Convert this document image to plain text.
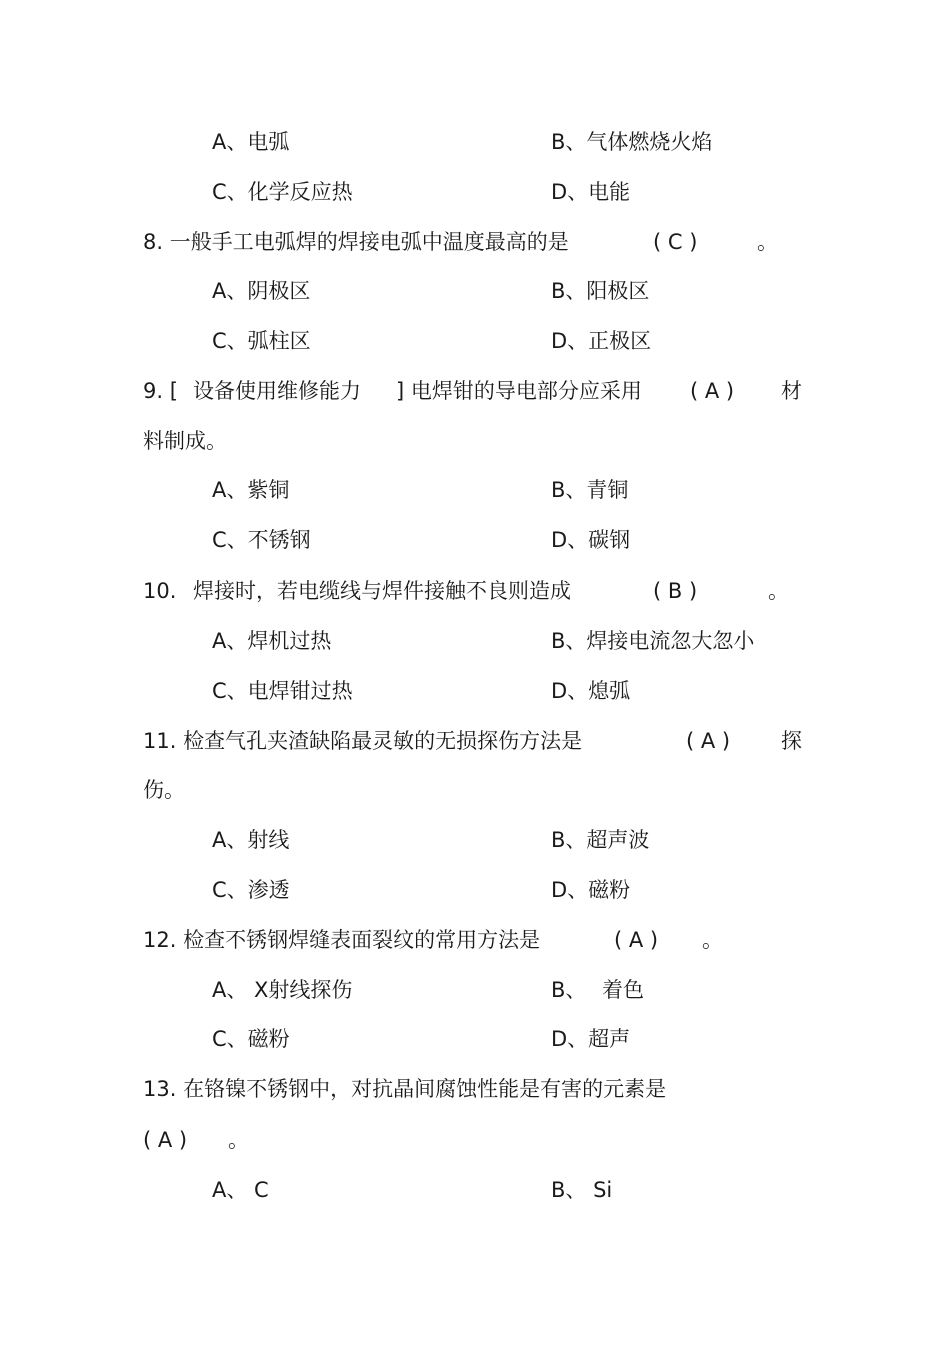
A、电弧	B、气体燃烧火焰
C、化学反应热	D、电能
8. 一般手工电弧焊的焊接电弧中温度最高的是	( C )	。
A、阴极区	B、阳极区
C、弧柱区	D、正极区
9. [ 设备使用维修能力 ] 电焊钳的导电部分应采用 ( A ) 材
料制成。
A、紫铜	B、青铜
C、不锈钢	D、碳钢
10. 焊接时，若电缆线与焊件接触不良则造成	( B )	。
A、焊机过热	B、焊接电流忽大忽小
C、电焊钳过热	D、熄弧
11. 检查气孔夹渣缺陷最灵敏的无损探伤方法是	( A ) 探
伤。
A、射线	B、超声波
C、渗透	D、磁粉
12. 检查不锈钢焊缝表面裂纹的常用方法是	( A ) 。
A、 X射线探伤	B、 着色
C、磁粉	D、超声
13. 在铬镍不锈钢中，对抗晶间腐蚀性能是有害的元素是
( A ) 。
A、 C	B、 Si
